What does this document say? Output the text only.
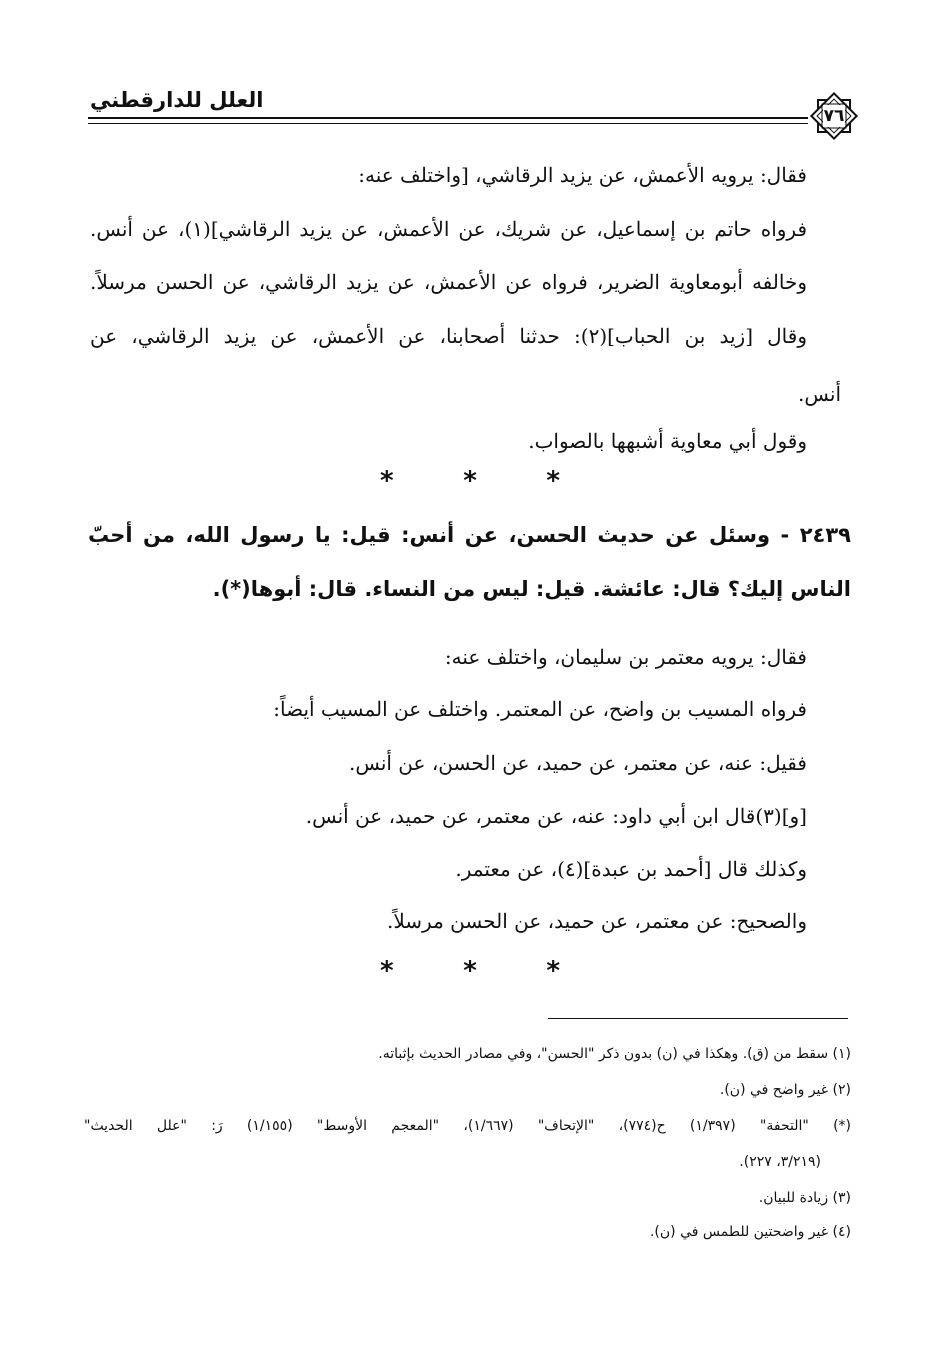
العلل للدارقطني
٧٦
فقال: يرويه الأعمش، عن يزيد الرقاشي، [واختلف عنه:
فرواه حاتم بن إسماعيل، عن شريك، عن الأعمش، عن يزيد الرقاشي](١)، عن أنس.
وخالفه أبومعاوية الضرير، فرواه عن الأعمش، عن يزيد الرقاشي، عن الحسن مرسلاً.
وقال [زيد بن الحباب](٢): حدثنا أصحابنا، عن الأعمش، عن يزيد الرقاشي، عن
أنس.
وقول أبي معاوية أشبهها بالصواب.
*	*	*
٢٤٣٩ - وسئل عن حديث الحسن، عن أنس: قيل: يا رسول الله، من أحبّ
الناس إليك؟ قال: عائشة. قيل: ليس من النساء. قال: أبوها(*).
فقال: يرويه معتمر بن سليمان، واختلف عنه:
فرواه المسيب بن واضح، عن المعتمر. واختلف عن المسيب أيضاً:
فقيل: عنه، عن معتمر، عن حميد، عن الحسن، عن أنس.
[و](٣)قال ابن أبي داود: عنه، عن معتمر، عن حميد، عن أنس.
وكذلك قال [أحمد بن عبدة](٤)، عن معتمر.
والصحيح: عن معتمر، عن حميد، عن الحسن مرسلاً.
*	*	*
(١) سقط من (ق). وهكذا في (ن) بدون ذكر "الحسن"، وفي مصادر الحديث بإثباته.
(٢) غير واضح في (ن).
(*) "التحفة" (١/٣٩٧) ح(٧٧٤)، "الإتحاف" (١/٦٦٧)، "المعجم الأوسط" (١/١٥٥) رَ: "علل الحديث"
(٣/٢١٩، ٢٢٧).
(٣) زيادة للبيان.
(٤) غير واضحتين للطمس في (ن).
